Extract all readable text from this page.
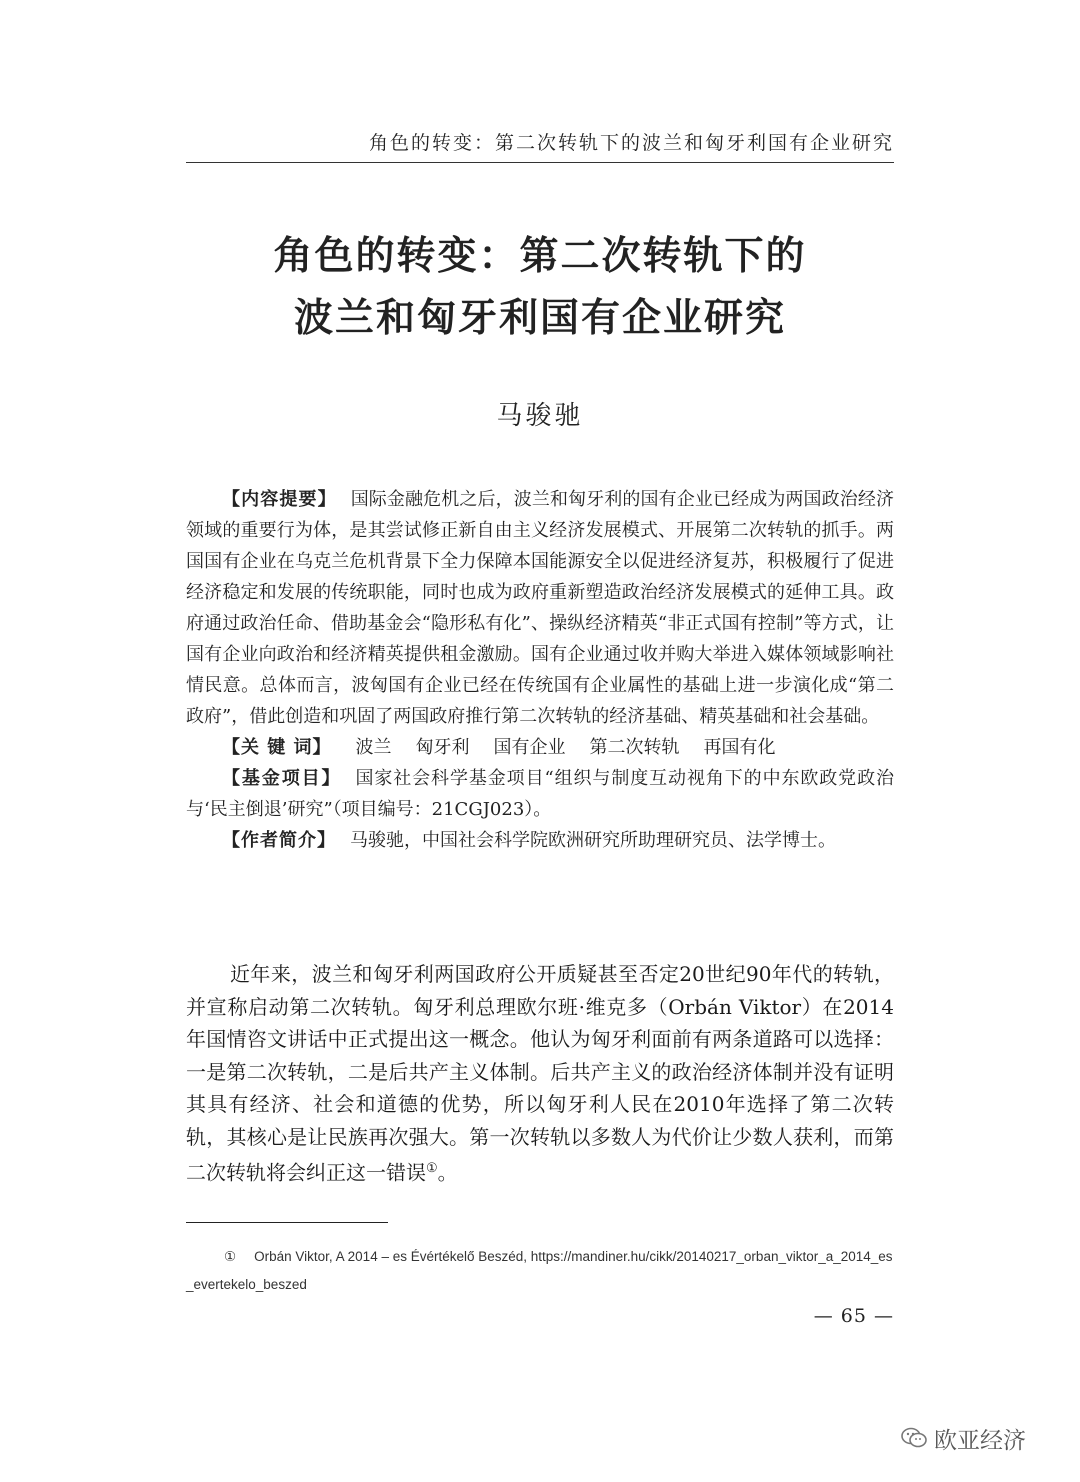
角色的转变：第二次转轨下的波兰和匈牙利国有企业研究
角色的转变：第二次转轨下的
波兰和匈牙利国有企业研究
马骏驰

【内容提要】 国际金融危机之后，波兰和匈牙利的国有企业已经成为两国政治经济领域的重要行为体，是其尝试修正新自由主义经济发展模式、开展第二次转轨的抓手。两国国有企业在乌克兰危机背景下全力保障本国能源安全以促进经济复苏，积极履行了促进经济稳定和发展的传统职能，同时也成为政府重新塑造政治经济发展模式的延伸工具。政府通过政治任命、借助基金会“隐形私有化”、操纵经济精英“非正式国有控制”等方式，让国有企业向政治和经济精英提供租金激励。国有企业通过收并购大举进入媒体领域影响社情民意。总体而言，波匈国有企业已经在传统国有企业属性的基础上进一步演化成“第二政府”，借此创造和巩固了两国政府推行第二次转轨的经济基础、精英基础和社会基础。

【关 键 词】 波兰 匈牙利 国有企业 第二次转轨 再国有化

【基金项目】 国家社会科学基金项目“组织与制度互动视角下的中东欧政党政治与‘民主倒退’研究”（项目编号：21CGJ023）。

【作者简介】 马骏驰，中国社会科学院欧洲研究所助理研究员、法学博士。

近年来，波兰和匈牙利两国政府公开质疑甚至否定20世纪90年代的转轨，并宣称启动第二次转轨。匈牙利总理欧尔班·维克多（Orbán Viktor）在2014年国情咨文讲话中正式提出这一概念。他认为匈牙利面前有两条道路可以选择：一是第二次转轨，二是后共产主义体制。后共产主义的政治经济体制并没有证明其具有经济、社会和道德的优势，所以匈牙利人民在2010年选择了第二次转轨，其核心是让民族再次强大。第一次转轨以多数人为代价让少数人获利，而第二次转轨将会纠正这一错误①。

① Orbán Viktor, A 2014 – es Évértékelő Beszéd, https://mandiner.hu/cikk/20140217_orban_viktor_a_2014_es_evertekelo_beszed
— 65 —
欧亚经济
